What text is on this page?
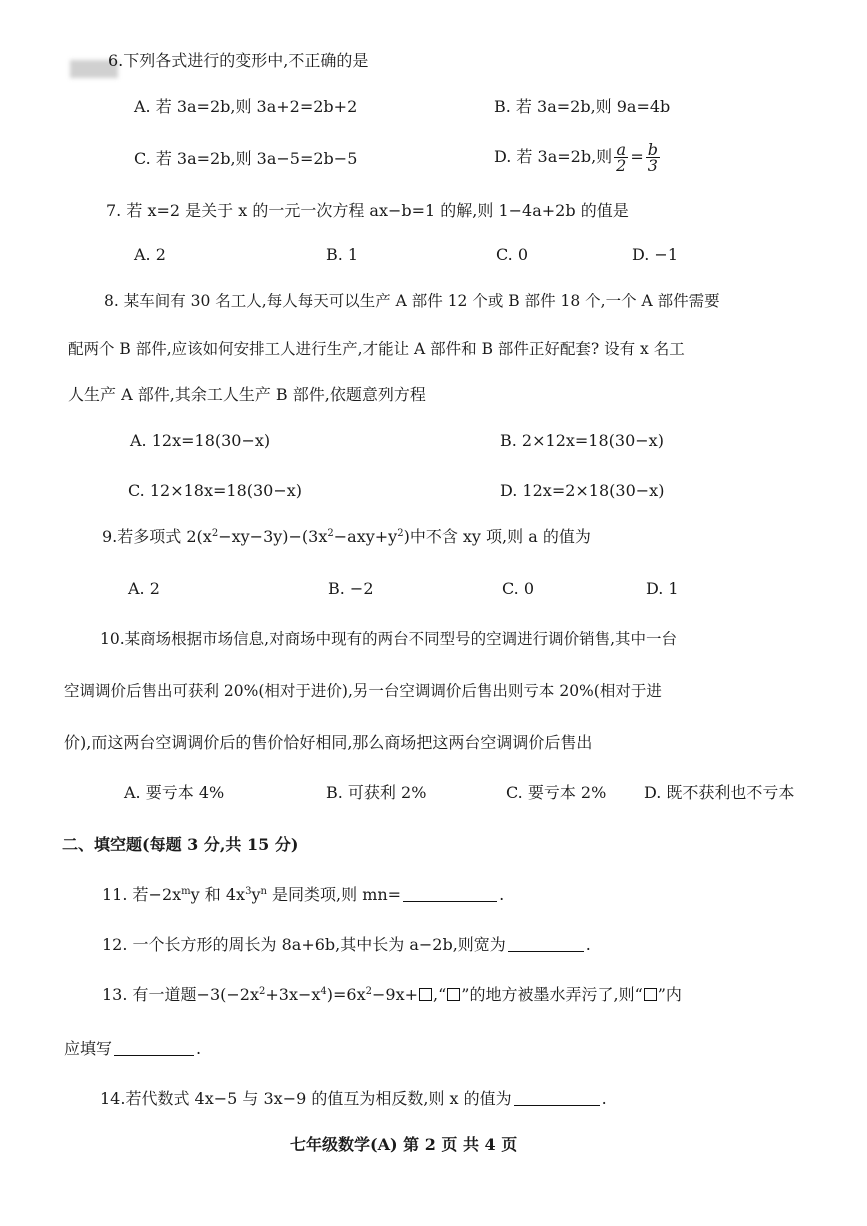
6.下列各式进行的变形中,不正确的是
A. 若 3a=2b,则 3a+2=2b+2	B. 若 3a=2b,则 9a=4b
C. 若 3a=2b,则 3a−5=2b−5	D. 若 3a=2b,则 $\frac{a}{2} = \frac{b}{3}$
7. 若 x=2 是关于 x 的一元一次方程 ax−b=1 的解,则 1−4a+2b 的值是
A. 2	B. 1	C. 0	D. −1
8. 某车间有 30 名工人,每人每天可以生产 A 部件 12 个或 B 部件 18 个,一个 A 部件需要
配两个 B 部件,应该如何安排工人进行生产,才能让 A 部件和 B 部件正好配套? 设有 x 名工
人生产 A 部件,其余工人生产 B 部件,依题意列方程
A. 12x=18(30−x)	B. 2×12x=18(30−x)
C. 12×18x=18(30−x)	D. 12x=2×18(30−x)
9.若多项式 $2(x^2-xy-3y)-(3x^2-axy+y^2)$中不含 xy 项,则 a 的值为
A. 2	B. −2	C. 0	D. 1
10.某商场根据市场信息,对商场中现有的两台不同型号的空调进行调价销售,其中一台
空调调价后售出可获利 20%(相对于进价),另一台空调调价后售出则亏本 20%(相对于进
价),而这两台空调调价后的售价恰好相同,那么商场把这两台空调调价后售出
A. 要亏本 4%	B. 可获利 2%	C. 要亏本 2% D. 既不获利也不亏本
二、填空题(每题 3 分,共 15 分)
11. 若$-2x^my$ 和 $4x^3y^n$ 是同类项,则 mn=	.
12. 一个长方形的周长为 8a+6b,其中长为 a−2b,则宽为	.
13. 有一道题$-3(-2x^2+3x-x^4)=6x^2-9x+$ ,“ ”的地方被墨水弄污了,则“ ”内
应填写	.
14.若代数式 4x−5 与 3x−9 的值互为相反数,则 x 的值为	.
七年级数学(A) 第 2 页 共 4 页
